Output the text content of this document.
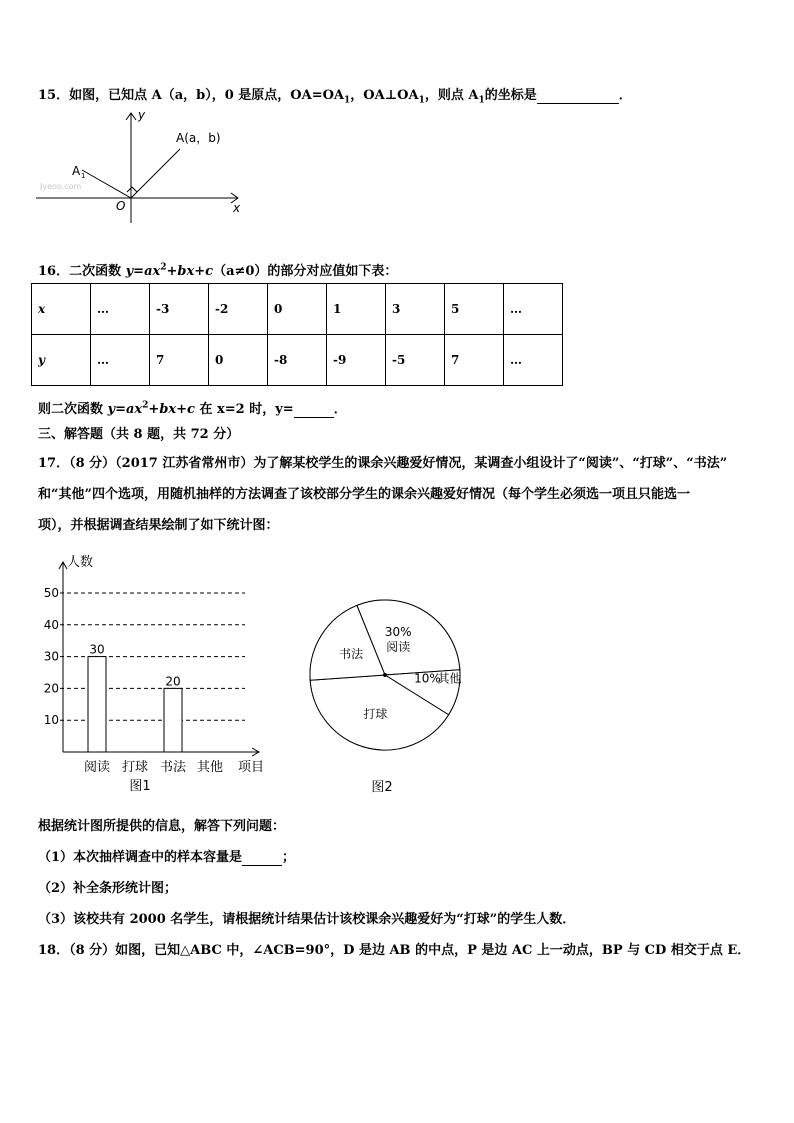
15．如图，已知点 A（a，b），0 是原点，$OA=OA_1$，$OA\perp OA_1$，则点 $A_1$的坐标是	．
y
x
O
A(a，b)
A 1
Jyeoo.com
16．二次函数 $y=ax^2+bx+c(a\ne 0)$的部分对应值如下表：
x	…	-3	-2	0	1	3	5	…
y	…	7	0	-8	-9	-5	7	…
则二次函数 $y=ax^2+bx+c$ 在 x=2 时，y=	．
三、解答题（共 8 题，共 72 分）
17．（8 分）（2017 江苏省常州市）为了解某校学生的课余兴趣爱好情况，某调查小组设计了“阅读”、“打球”、“书法”
和“其他”四个选项，用随机抽样的方法调查了该校部分学生的课余兴趣爱好情况（每个学生必须选一项且只能选一
项），并根据调查结果绘制了如下统计图：
人数
10
20
30
40
50
30
阅读 打球
20
书法 其他 项目
图1
30%
阅读
10%
其他
打球
书法
图2
根据统计图所提供的信息，解答下列问题：
（1）本次抽样调查中的样本容量是	；
（2）补全条形统计图；
（3）该校共有 2000 名学生，请根据统计结果估计该校课余兴趣爱好为“打球”的学生人数．
18．（8 分）如图，已知△ABC 中，∠ACB=90°，D 是边 AB 的中点，P 是边 AC 上一动点，BP 与 CD 相交于点 E．
